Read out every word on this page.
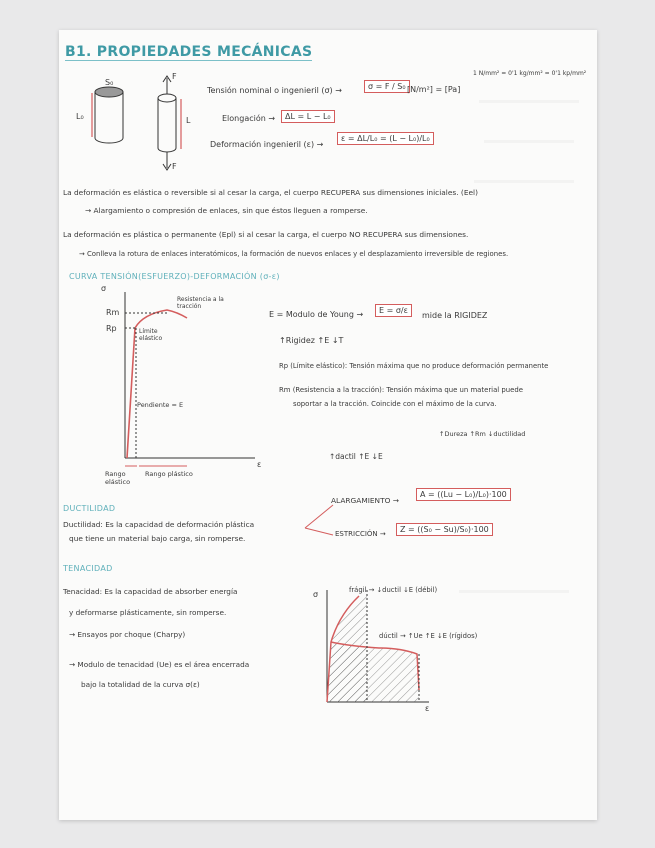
B1. PROPIEDADES MECÁNICAS
S₀
F
F
L₀	L
Tensión nominal o ingenieril (σ) →	σ = F / S₀ [N/m²] = [Pa]
1 N/mm² = 0'1 kg/mm² = 0'1 kp/mm²
Elongación →	ΔL = L − L₀
Deformación ingenieril (ε) →
ε = ΔL/L₀ = (L − L₀)/L₀
La deformación es elástica o reversible si al cesar la carga, el cuerpo RECUPERA sus dimensiones iniciales. (Eel)
→ Alargamiento o compresión de enlaces, sin que éstos lleguen a romperse.
La deformación es plástica o permanente (Epl) si al cesar la carga, el cuerpo NO RECUPERA sus dimensiones.
→ Conlleva la rotura de enlaces interatómicos, la formación de nuevos enlaces y el desplazamiento irreversible de regiones.
CURVA TENSIÓN(ESFUERZO)-DEFORMACIÓN (σ-ε)
σ
ε
Rm
Rp
Resistencia a la tracción
Límite elástico
Pendiente = E
Rango elástico
Rango plástico
E = Modulo de Young →	E = σ/ε
mide la RIGIDEZ
↑Rigidez ↑E ↓T
Rp (Límite elástico): Tensión máxima que no produce deformación permanente
Rm (Resistencia a la tracción): Tensión máxima que un material puede
soportar a la tracción. Coincide con el máximo de la curva.
↑Dureza ↑Rm ↓ductilidad
↑dactil ↑E ↓E
DUCTILIDAD
Ductilidad: Es la capacidad de deformación plástica
que tiene un material bajo carga, sin romperse.
ALARGAMIENTO →
A = ((Lu − L₀)/L₀)·100
ESTRICCIÓN →	Z = ((S₀ − Su)/S₀)·100
TENACIDAD
Tenacidad: Es la capacidad de absorber energía
y deformarse plásticamente, sin romperse.
→ Ensayos por choque (Charpy)
→ Modulo de tenacidad (Ue) es el área encerrada
bajo la totalidad de la curva σ(ε)
σ
ε
frágil → ↓ductil ↓E (débil)
dúctil → ↑Ue ↑E ↓E (rígidos)
